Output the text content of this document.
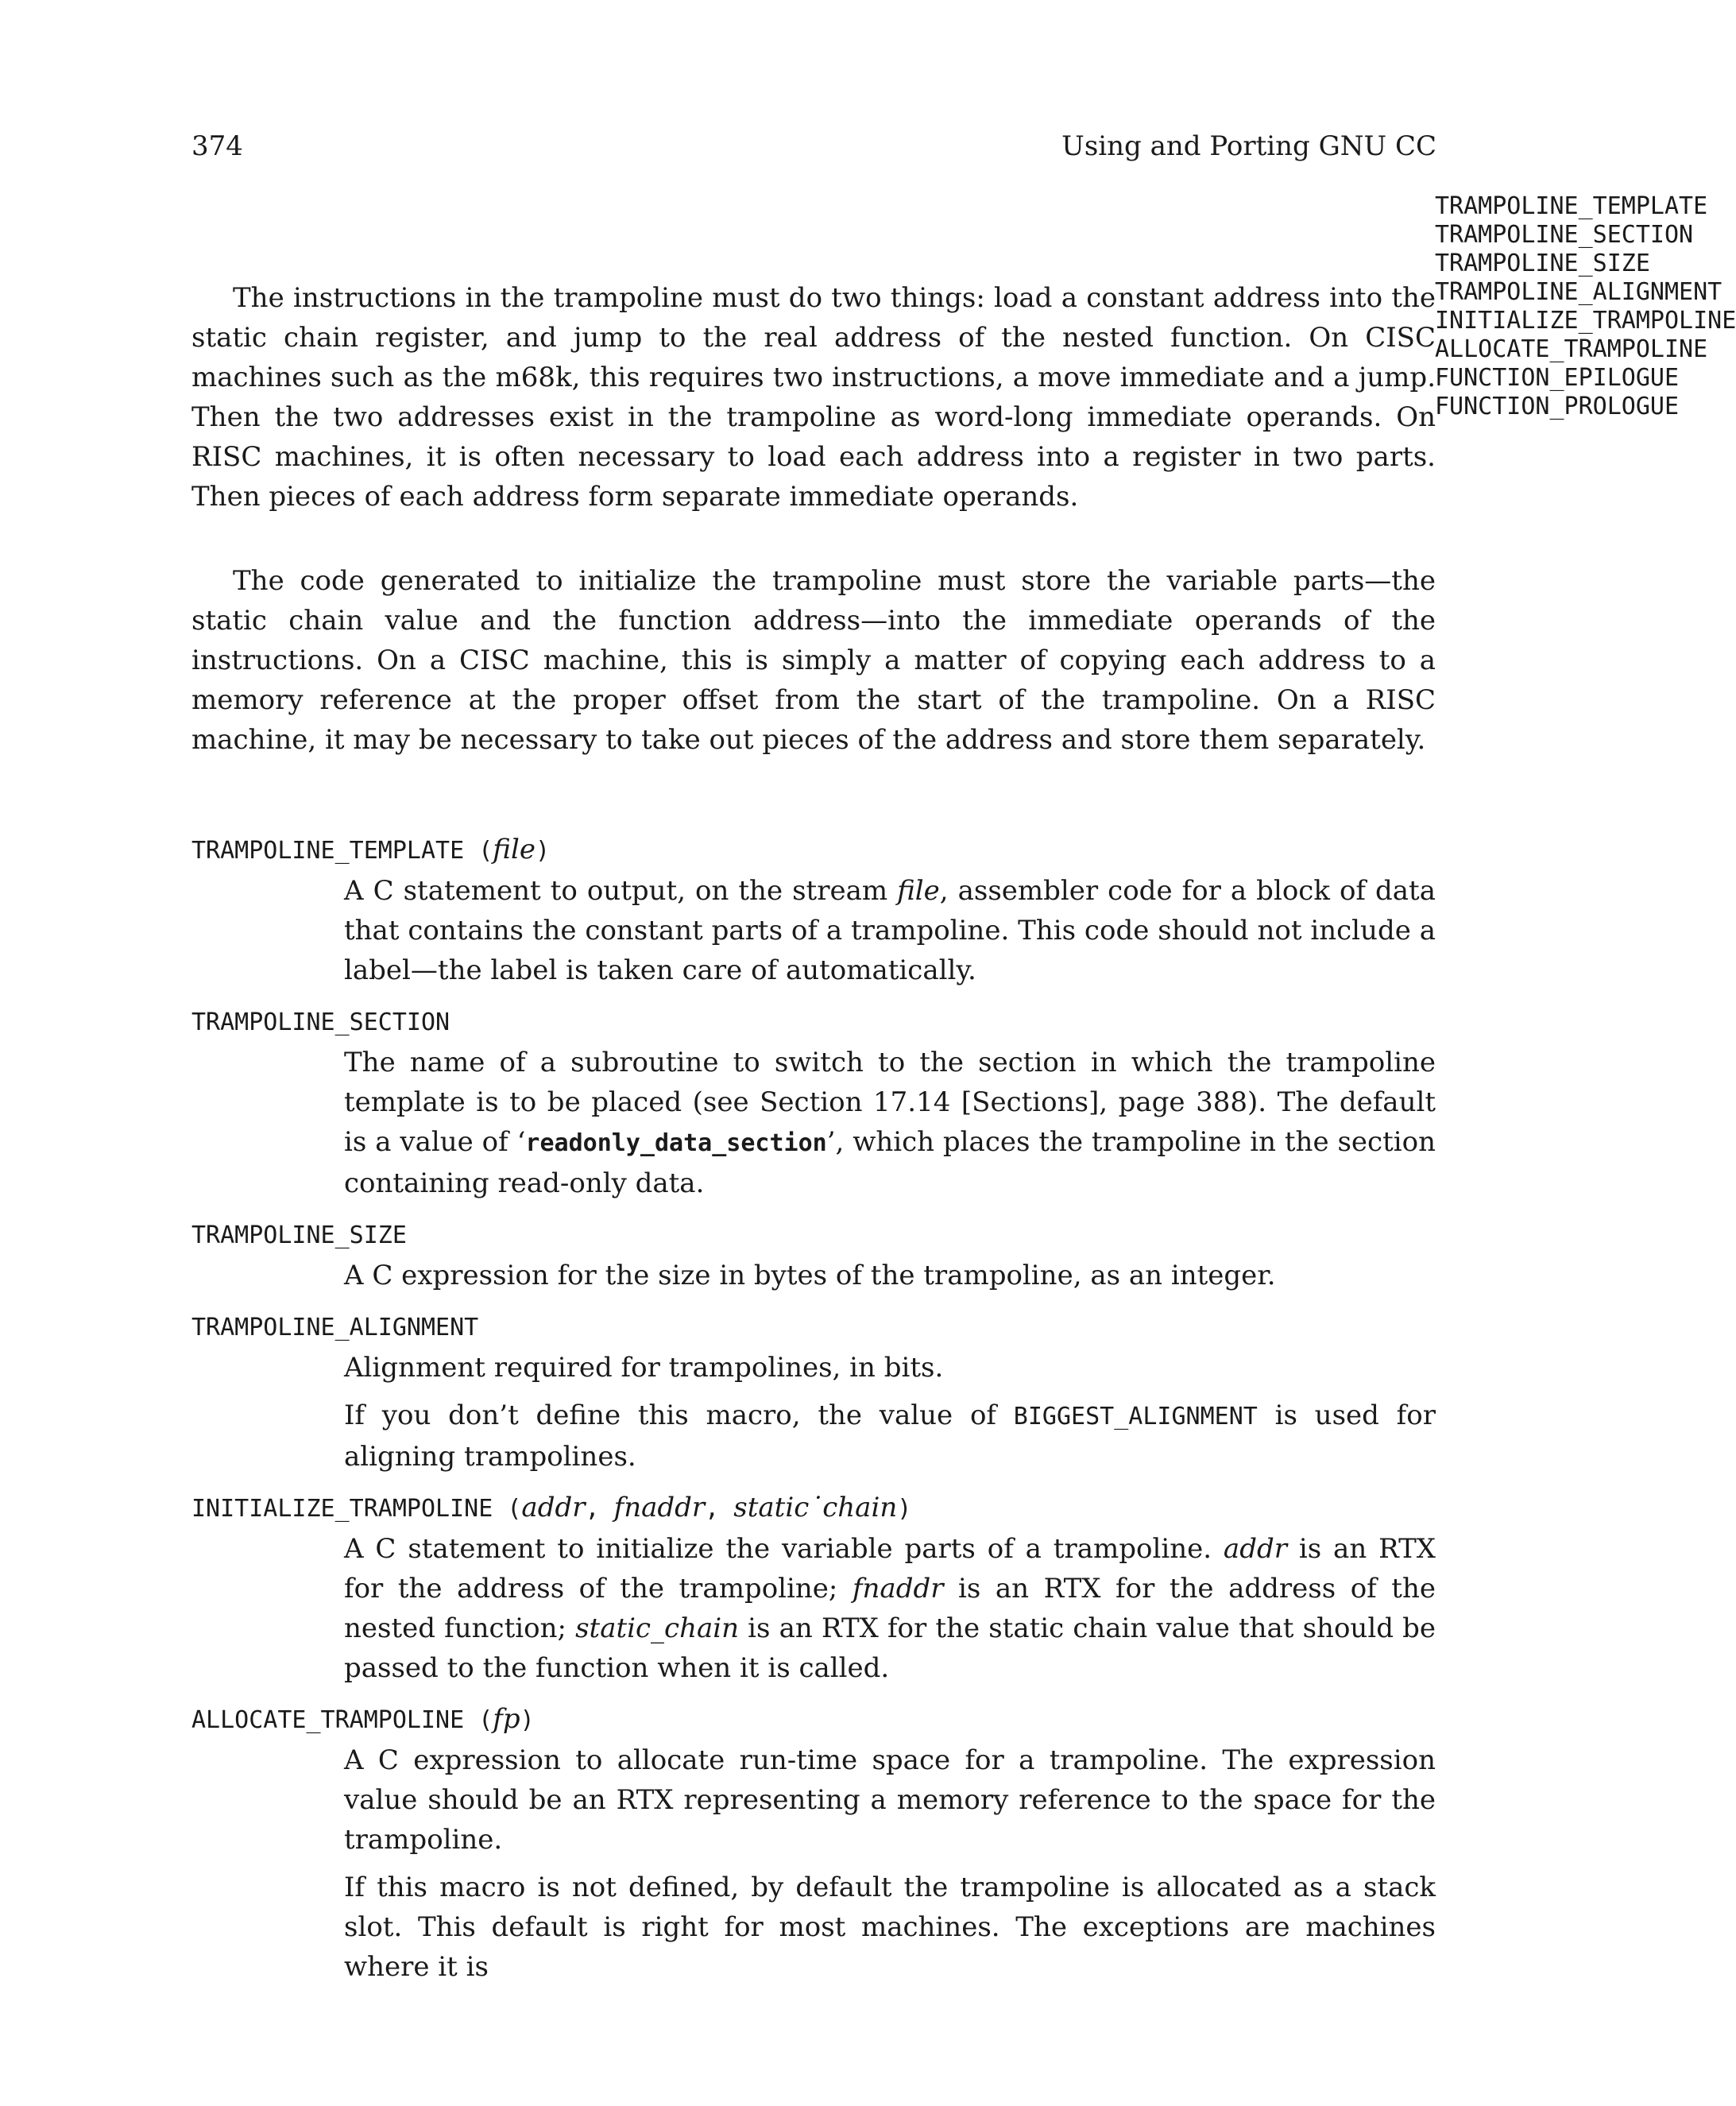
374	Using and Porting GNU CC
TRAMPOLINE_TEMPLATE
TRAMPOLINE_SECTION
TRAMPOLINE_SIZE
TRAMPOLINE_ALIGNMENT
INITIALIZE_TRAMPOLINE
ALLOCATE_TRAMPOLINE
FUNCTION_EPILOGUE
FUNCTION_PROLOGUE

The instructions in the trampoline must do two things: load a constant address into the static chain register, and jump to the real address of the nested function. On CISC machines such as the m68k, this requires two instructions, a move immediate and a jump. Then the two addresses exist in the trampoline as word-long immediate operands. On RISC machines, it is often necessary to load each address into a register in two parts. Then pieces of each address form separate immediate operands.

The code generated to initialize the trampoline must store the variable parts—the static chain value and the function address—into the immediate operands of the instructions. On a CISC machine, this is simply a matter of copying each address to a memory reference at the proper offset from the start of the trampoline. On a RISC machine, it may be necessary to take out pieces of the address and store them separately.

TRAMPOLINE_TEMPLATE (file)

A C statement to output, on the stream file, assembler code for a block of data that contains the constant parts of a trampoline. This code should not include a label—the label is taken care of automatically.

TRAMPOLINE_SECTION

The name of a subroutine to switch to the section in which the trampoline template is to be placed (see Section 17.14 [Sections], page 388). The default is a value of ‘readonly_data_section’, which places the trampoline in the section containing read-only data.

TRAMPOLINE_SIZE

A C expression for the size in bytes of the trampoline, as an integer.

TRAMPOLINE_ALIGNMENT

Alignment required for trampolines, in bits.

If you don’t define this macro, the value of BIGGEST_ALIGNMENT is used for aligning trampolines.

INITIALIZE_TRAMPOLINE (addr, fnaddr, static˙chain)

A C statement to initialize the variable parts of a trampoline. addr is an RTX for the address of the trampoline; fnaddr is an RTX for the address of the nested function; static_chain is an RTX for the static chain value that should be passed to the function when it is called.

ALLOCATE_TRAMPOLINE (fp)

A C expression to allocate run-time space for a trampoline. The expression value should be an RTX representing a memory reference to the space for the trampoline.

If this macro is not defined, by default the trampoline is allocated as a stack slot. This default is right for most machines. The exceptions are machines where it is
